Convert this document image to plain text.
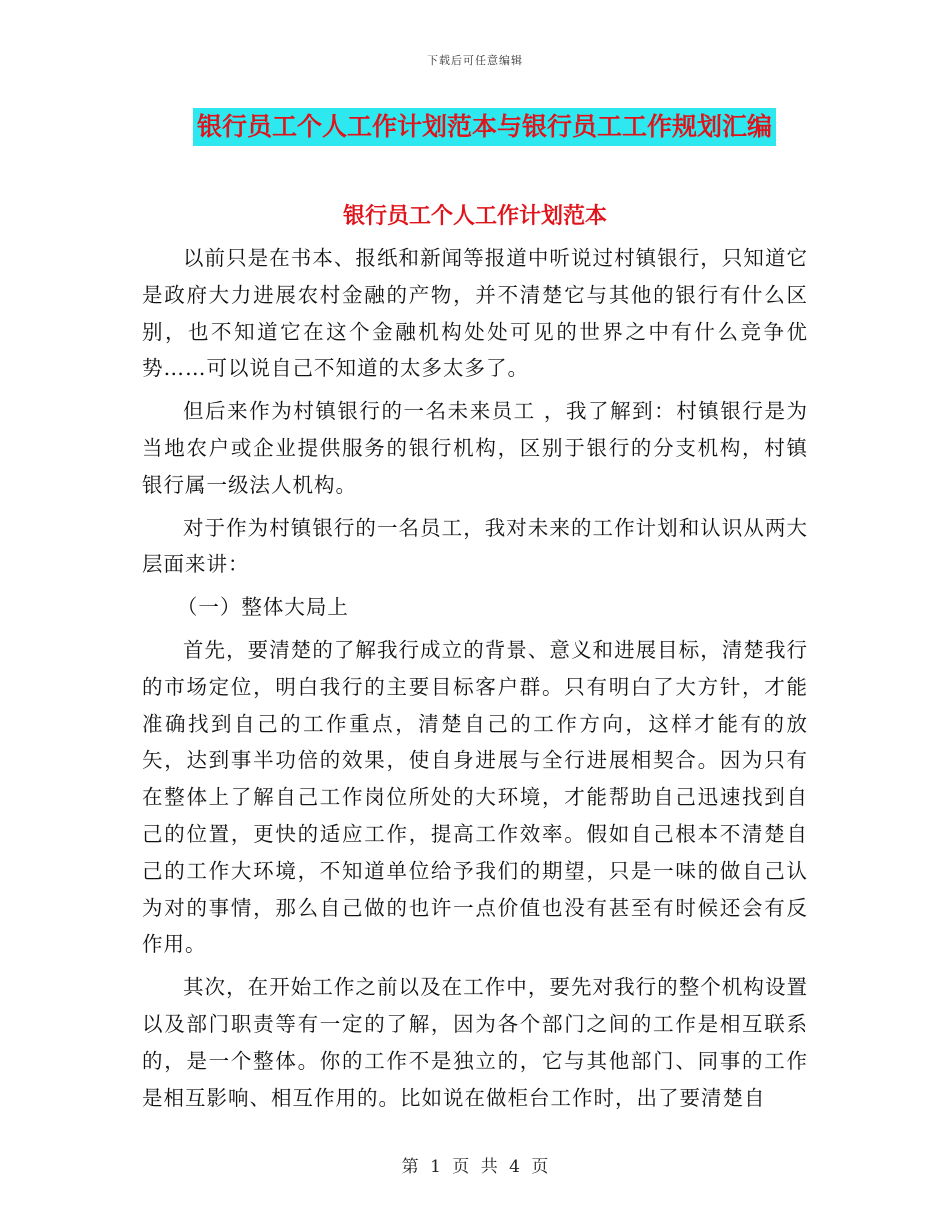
下载后可任意编辑
银行员工个人工作计划范本与银行员工工作规划汇编
银行员工个人工作计划范本

以前只是在书本、报纸和新闻等报道中听说过村镇银行，只知道它是政府大力进展农村金融的产物，并不清楚它与其他的银行有什么区别，也不知道它在这个金融机构处处可见的世界之中有什么竞争优势……可以说自己不知道的太多太多了。

但后来作为村镇银行的一名未来员工 ，我了解到：村镇银行是为当地农户或企业提供服务的银行机构，区别于银行的分支机构，村镇银行属一级法人机构。

对于作为村镇银行的一名员工，我对未来的工作计划和认识从两大层面来讲：

（一）整体大局上

首先，要清楚的了解我行成立的背景、意义和进展目标，清楚我行的市场定位，明白我行的主要目标客户群。只有明白了大方针，才能准确找到自己的工作重点，清楚自己的工作方向，这样才能有的放矢，达到事半功倍的效果，使自身进展与全行进展相契合。因为只有在整体上了解自己工作岗位所处的大环境，才能帮助自己迅速找到自己的位置，更快的适应工作，提高工作效率。假如自己根本不清楚自己的工作大环境，不知道单位给予我们的期望，只是一味的做自己认为对的事情，那么自己做的也许一点价值也没有甚至有时候还会有反作用。

其次，在开始工作之前以及在工作中，要先对我行的整个机构设置以及部门职责等有一定的了解，因为各个部门之间的工作是相互联系的，是一个整体。你的工作不是独立的，它与其他部门、同事的工作是相互影响、相互作用的。比如说在做柜台工作时，出了要清楚自

第 1 页 共 4 页
